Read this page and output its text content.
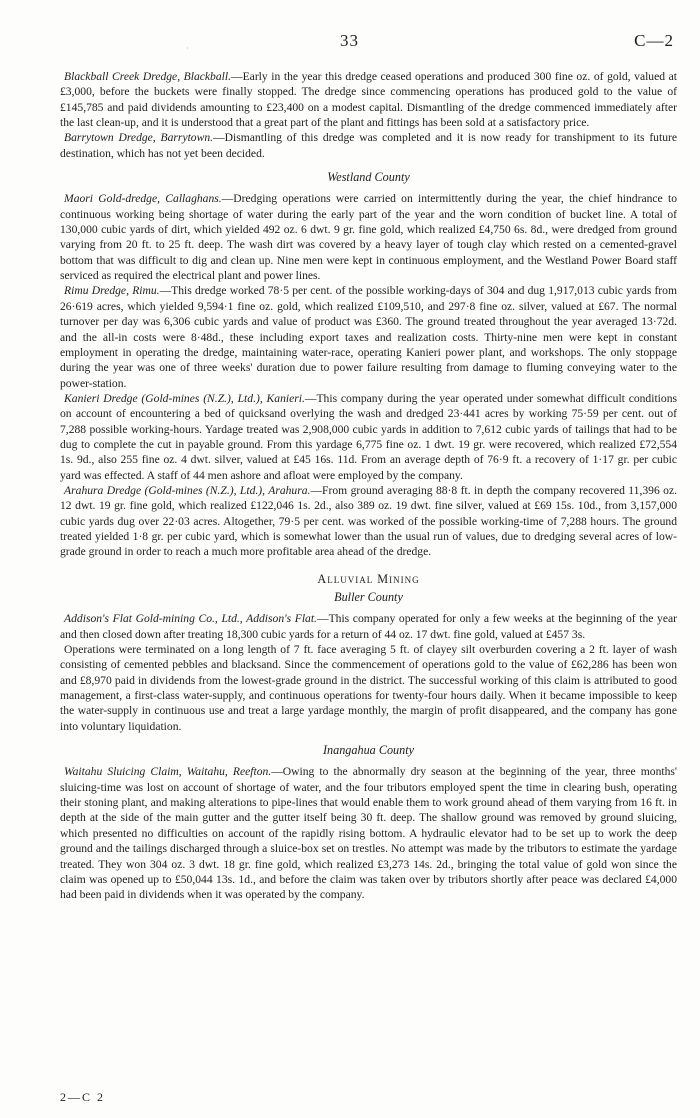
33
·	C—2

Blackball Creek Dredge, Blackball.—Early in the year this dredge ceased operations and produced 300 fine oz. of gold, valued at £3,000, before the buckets were finally stopped. The dredge since commencing operations has produced gold to the value of £145,785 and paid dividends amounting to £23,400 on a modest capital. Dismantling of the dredge commenced immediately after the last clean-up, and it is understood that a great part of the plant and fittings has been sold at a satisfactory price.

Barrytown Dredge, Barrytown.—Dismantling of this dredge was completed and it is now ready for transhipment to its future destination, which has not yet been decided.

Westland County

Maori Gold-dredge, Callaghans.—Dredging operations were carried on intermittently during the year, the chief hindrance to continuous working being shortage of water during the early part of the year and the worn condition of bucket line. A total of 130,000 cubic yards of dirt, which yielded 492 oz. 6 dwt. 9 gr. fine gold, which realized £4,750 6s. 8d., were dredged from ground varying from 20 ft. to 25 ft. deep. The wash dirt was covered by a heavy layer of tough clay which rested on a cemented-gravel bottom that was difficult to dig and clean up. Nine men were kept in continuous employment, and the Westland Power Board staff serviced as required the electrical plant and power lines.

Rimu Dredge, Rimu.—This dredge worked 78·5 per cent. of the possible working-days of 304 and dug 1,917,013 cubic yards from 26·619 acres, which yielded 9,594·1 fine oz. gold, which realized £109,510, and 297·8 fine oz. silver, valued at £67. The normal turnover per day was 6,306 cubic yards and value of product was £360. The ground treated throughout the year averaged 13·72d. and the all-in costs were 8·48d., these including export taxes and realization costs. Thirty-nine men were kept in constant employment in operating the dredge, maintaining water-race, operating Kanieri power plant, and workshops. The only stoppage during the year was one of three weeks' duration due to power failure resulting from damage to fluming conveying water to the power-station.

Kanieri Dredge (Gold-mines (N.Z.), Ltd.), Kanieri.—This company during the year operated under somewhat difficult conditions on account of encountering a bed of quicksand overlying the wash and dredged 23·441 acres by working 75·59 per cent. out of 7,288 possible working-hours. Yardage treated was 2,908,000 cubic yards in addition to 7,612 cubic yards of tailings that had to be dug to complete the cut in payable ground. From this yardage 6,775 fine oz. 1 dwt. 19 gr. were recovered, which realized £72,554 1s. 9d., also 255 fine oz. 4 dwt. silver, valued at £45 16s. 11d. From an average depth of 76·9 ft. a recovery of 1·17 gr. per cubic yard was effected. A staff of 44 men ashore and afloat were employed by the company.

Arahura Dredge (Gold-mines (N.Z.), Ltd.), Arahura.—From ground averaging 88·8 ft. in depth the company recovered 11,396 oz. 12 dwt. 19 gr. fine gold, which realized £122,046 1s. 2d., also 389 oz. 19 dwt. fine silver, valued at £69 15s. 10d., from 3,157,000 cubic yards dug over 22·03 acres. Altogether, 79·5 per cent. was worked of the possible working-time of 7,288 hours. The ground treated yielded 1·8 gr. per cubic yard, which is somewhat lower than the usual run of values, due to dredging several acres of low-grade ground in order to reach a much more profitable area ahead of the dredge.

Alluvial Mining
Buller County

Addison's Flat Gold-mining Co., Ltd., Addison's Flat.—This company operated for only a few weeks at the beginning of the year and then closed down after treating 18,300 cubic yards for a return of 44 oz. 17 dwt. fine gold, valued at £457 3s.

Operations were terminated on a long length of 7 ft. face averaging 5 ft. of clayey silt overburden covering a 2 ft. layer of wash consisting of cemented pebbles and blacksand. Since the commencement of operations gold to the value of £62,286 has been won and £8,970 paid in dividends from the lowest-grade ground in the district. The successful working of this claim is attributed to good management, a first-class water-supply, and continuous operations for twenty-four hours daily. When it became impossible to keep the water-supply in continuous use and treat a large yardage monthly, the margin of profit disappeared, and the company has gone into voluntary liquidation.

Inangahua County

Waitahu Sluicing Claim, Waitahu, Reefton.—Owing to the abnormally dry season at the beginning of the year, three months' sluicing-time was lost on account of shortage of water, and the four tributors employed spent the time in clearing bush, operating their stoning plant, and making alterations to pipe-lines that would enable them to work ground ahead of them varying from 16 ft. in depth at the side of the main gutter and the gutter itself being 30 ft. deep. The shallow ground was removed by ground sluicing, which presented no difficulties on account of the rapidly rising bottom. A hydraulic elevator had to be set up to work the deep ground and the tailings discharged through a sluice-box set on trestles. No attempt was made by the tributors to estimate the yardage treated. They won 304 oz. 3 dwt. 18 gr. fine gold, which realized £3,273 14s. 2d., bringing the total value of gold won since the claim was opened up to £50,044 13s. 1d., and before the claim was taken over by tributors shortly after peace was declared £4,000 had been paid in dividends when it was operated by the company.

2—C 2
